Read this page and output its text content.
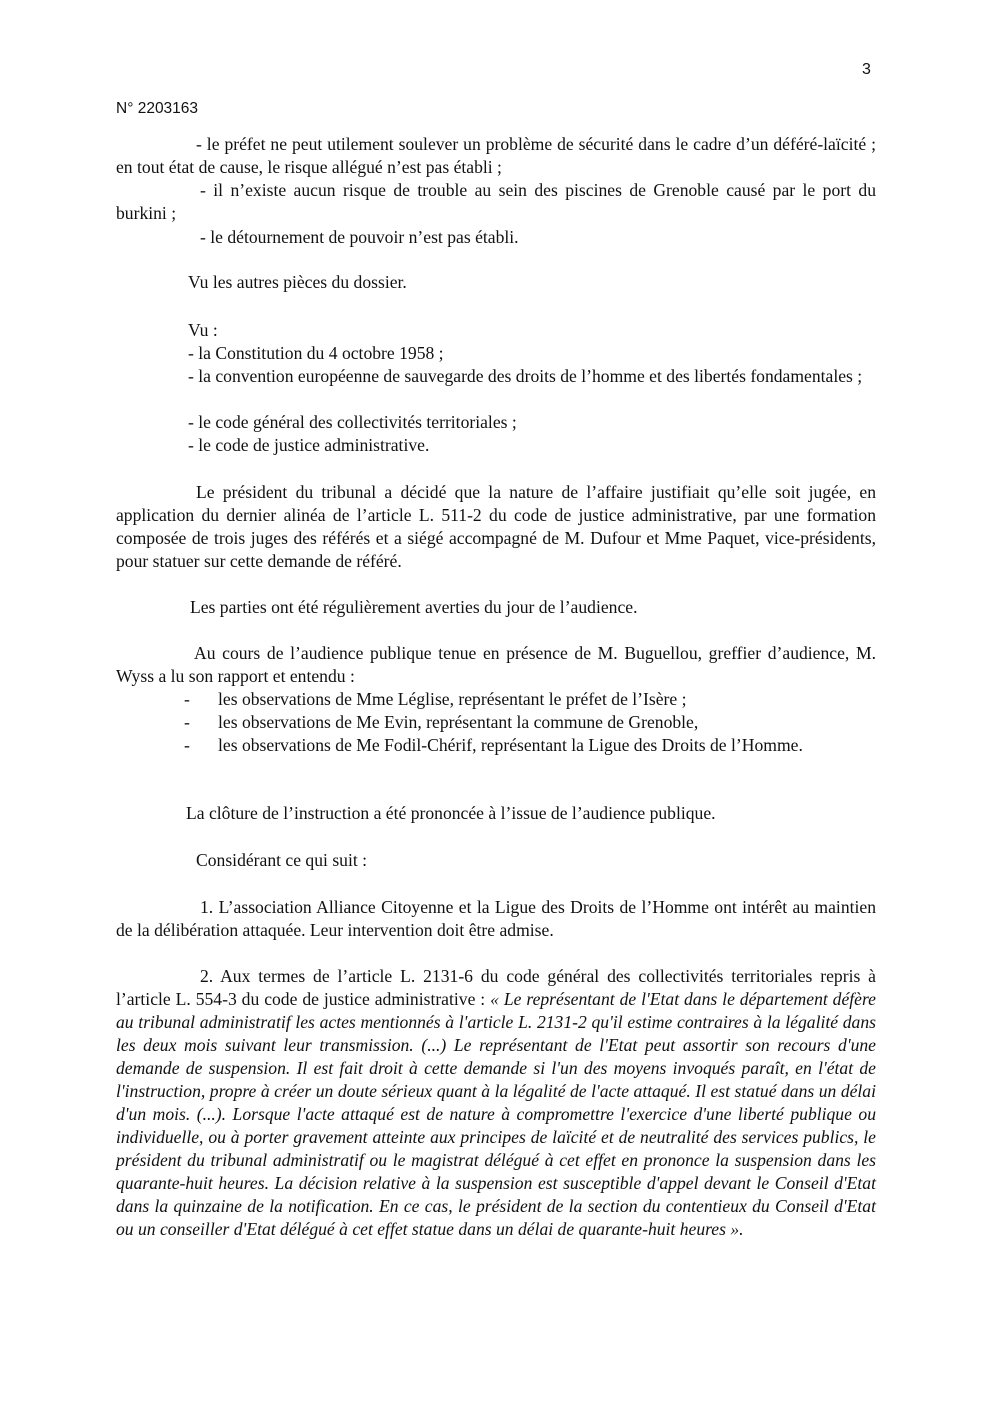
3
N° 2203163

- le préfet ne peut utilement soulever un problème de sécurité dans le cadre d’un déféré-laïcité ; en tout état de cause, le risque allégué n’est pas établi ;

- il n’existe aucun risque de trouble au sein des piscines de Grenoble causé par le port du burkini ;

- le détournement de pouvoir n’est pas établi.

Vu les autres pièces du dossier.

Vu :

- la Constitution du 4 octobre 1958 ;

- la convention européenne de sauvegarde des droits de l’homme et des libertés fondamentales ;

- le code général des collectivités territoriales ;

- le code de justice administrative.

Le président du tribunal a décidé que la nature de l’affaire justifiait qu’elle soit jugée, en application du dernier alinéa de l’article L. 511-2 du code de justice administrative, par une formation composée de trois juges des référés et a siégé accompagné de M. Dufour et Mme Paquet, vice-présidents, pour statuer sur cette demande de référé.

Les parties ont été régulièrement averties du jour de l’audience.

Au cours de l’audience publique tenue en présence de M. Buguellou, greffier d’audience, M. Wyss a lu son rapport et entendu :

- les observations de Mme Léglise, représentant le préfet de l’Isère ;
- les observations de Me Evin, représentant la commune de Grenoble,
- les observations de Me Fodil-Chérif, représentant la Ligue des Droits de l’Homme.

La clôture de l’instruction a été prononcée à l’issue de l’audience publique.

Considérant ce qui suit :

1. L’association Alliance Citoyenne et la Ligue des Droits de l’Homme ont intérêt au maintien de la délibération attaquée. Leur intervention doit être admise.

2. Aux termes de l’article L. 2131-6 du code général des collectivités territoriales repris à l’article L. 554-3 du code de justice administrative : « Le représentant de l'Etat dans le département défère au tribunal administratif les actes mentionnés à l'article L. 2131-2 qu'il estime contraires à la légalité dans les deux mois suivant leur transmission. (...) Le représentant de l'Etat peut assortir son recours d'une demande de suspension. Il est fait droit à cette demande si l'un des moyens invoqués paraît, en l'état de l'instruction, propre à créer un doute sérieux quant à la légalité de l'acte attaqué. Il est statué dans un délai d'un mois. (...). Lorsque l'acte attaqué est de nature à compromettre l'exercice d'une liberté publique ou individuelle, ou à porter gravement atteinte aux principes de laïcité et de neutralité des services publics, le président du tribunal administratif ou le magistrat délégué à cet effet en prononce la suspension dans les quarante-huit heures. La décision relative à la suspension est susceptible d'appel devant le Conseil d'Etat dans la quinzaine de la notification. En ce cas, le président de la section du contentieux du Conseil d'Etat ou un conseiller d'Etat délégué à cet effet statue dans un délai de quarante-huit heures ».
